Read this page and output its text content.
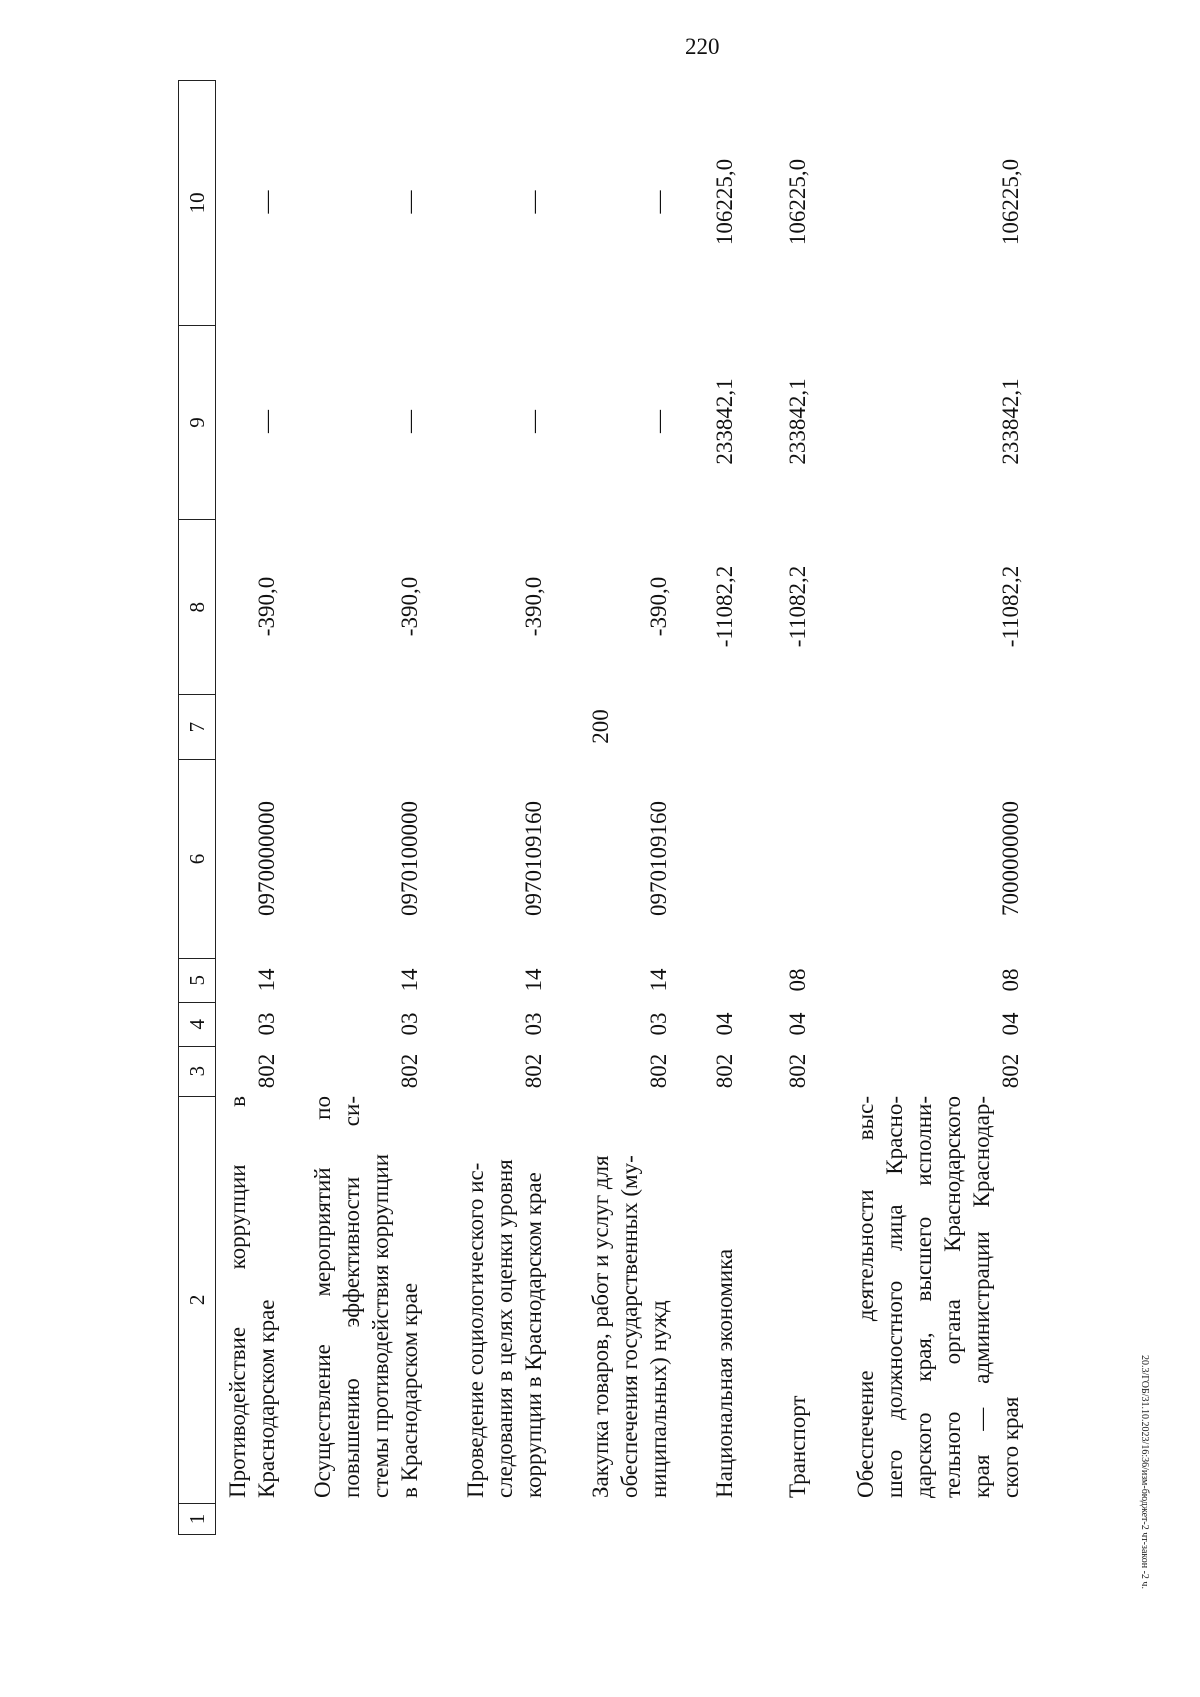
220
1
2
3
4
5
6
7
8
9
10
Противодействие коррупции в Краснодарском крае
802
03
14
0970000000
-390,0
—
—
Осуществление мероприятий по повышению эффективности си- стемы противодействия коррупции в Краснодарском крае
802
03
14
0970100000
-390,0
—
—
Проведение социологического ис- следования в целях оценки уровня коррупции в Краснодарском крае
802
03
14
0970109160
-390,0
—
—
Закупка товаров, работ и услуг для обеспечения государственных (му- ниципальных) нужд
802
03
14
0970109160
200
-390,0
—
—
Национальная экономика
802
04
-11082,2
233842,1
106225,0
Транспорт
802
04
08
-11082,2
233842,1
106225,0
Обеспечение деятельности выс- шего должностного лица Красно- дарского края, высшего исполни- тельного органа Краснодарского края — администрации Краснодар- ского края
802
04
08
7000000000
-11082,2
233842,1
106225,0
20.3/ГОБ/31.10.2023/16:36/изм-бюджет-2 чт-закон -2 ч.
